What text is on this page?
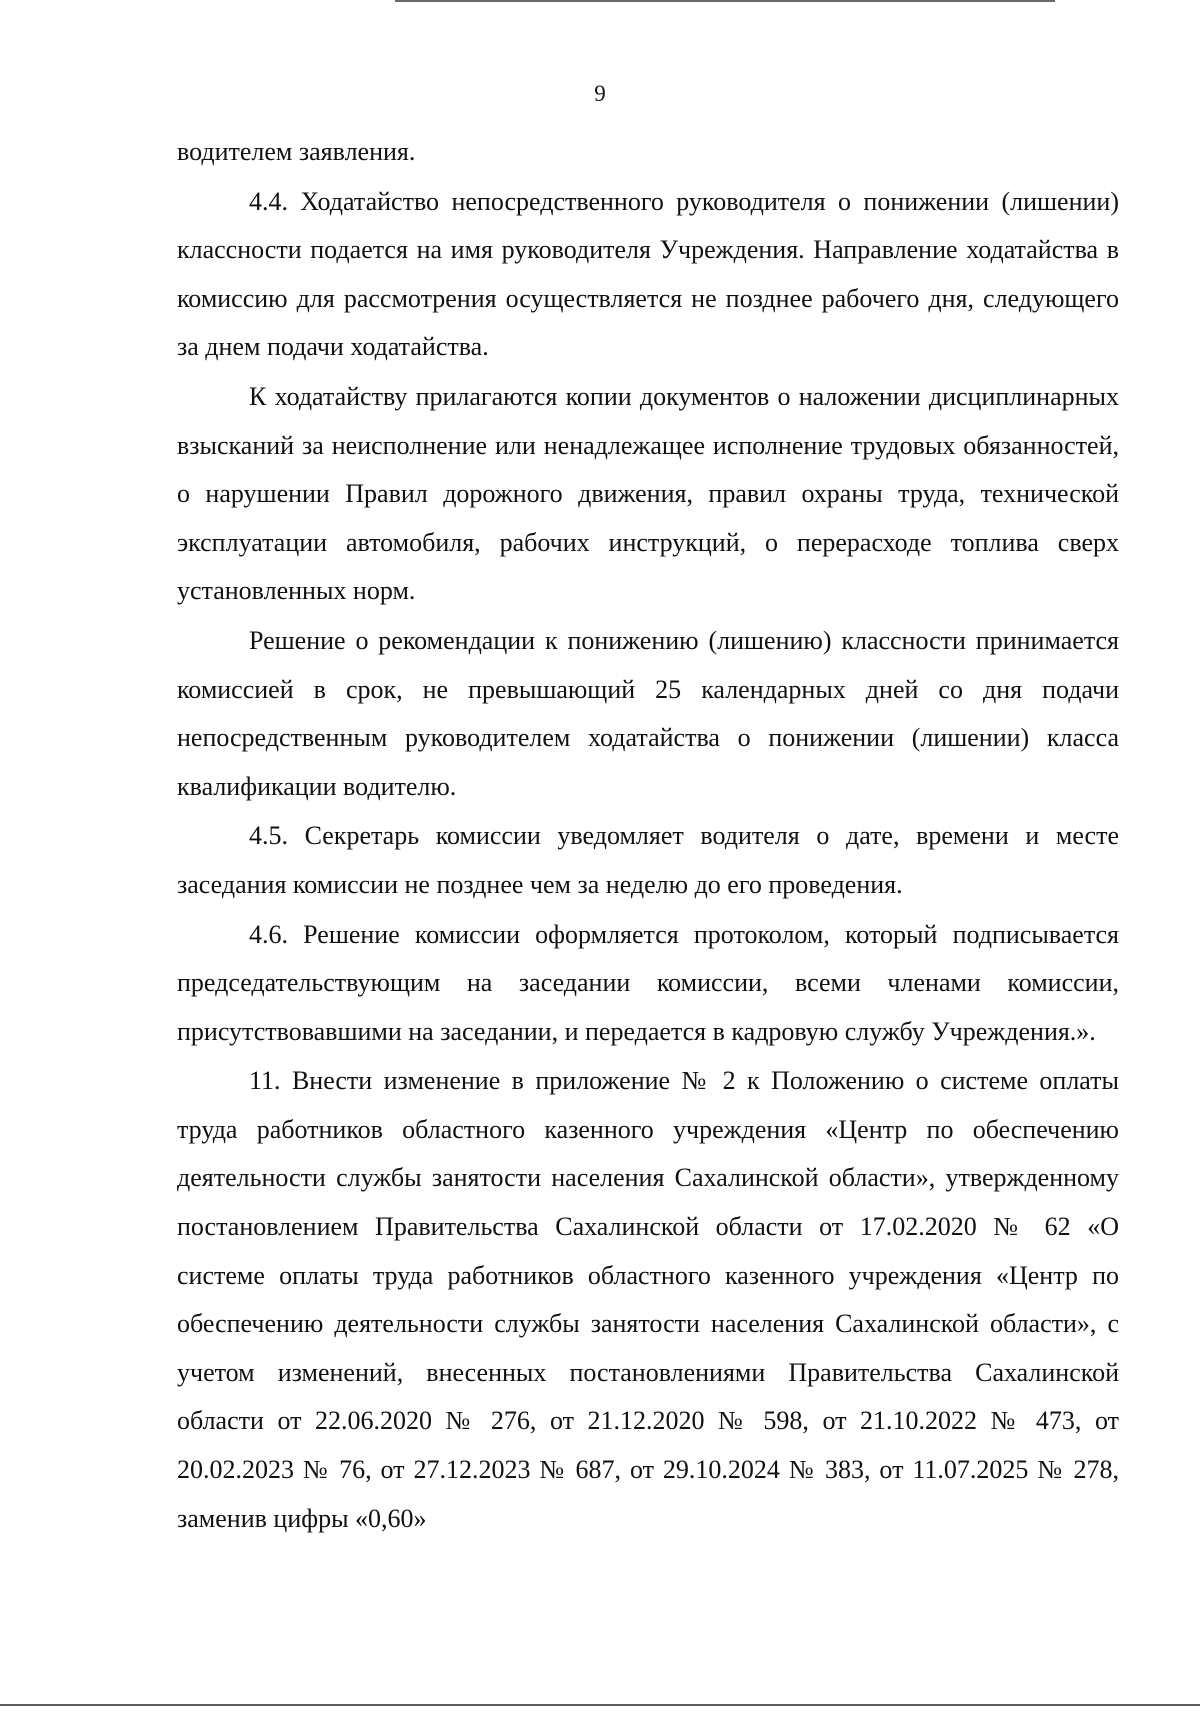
9

водителем заявления.

4.4. Ходатайство непосредственного руководителя о понижении (лишении) классности подается на имя руководителя Учреждения. Направление ходатайства в комиссию для рассмотрения осуществляется не позднее рабочего дня, следующего за днем подачи ходатайства.

К ходатайству прилагаются копии документов о наложении дисциплинарных взысканий за неисполнение или ненадлежащее исполнение трудовых обязанностей, о нарушении Правил дорожного движения, правил охраны труда, технической эксплуатации автомобиля, рабочих инструкций, о перерасходе топлива сверх установленных норм.

Решение о рекомендации к понижению (лишению) классности принимается комиссией в срок, не превышающий 25 календарных дней со дня подачи непосредственным руководителем ходатайства о понижении (лишении) класса квалификации водителю.

4.5. Секретарь комиссии уведомляет водителя о дате, времени и месте заседания комиссии не позднее чем за неделю до его проведения.

4.6. Решение комиссии оформляется протоколом, который подписывается председательствующим на заседании комиссии, всеми членами комиссии, присутствовавшими на заседании, и передается в кадровую службу Учреждения.».

11. Внести изменение в приложение № 2 к Положению о системе оплаты труда работников областного казенного учреждения «Центр по обеспечению деятельности службы занятости населения Сахалинской области», утвержденному постановлением Правительства Сахалинской области от 17.02.2020 № 62 «О системе оплаты труда работников областного казенного учреждения «Центр по обеспечению деятельности службы занятости населения Сахалинской области», с учетом изменений, внесенных постановлениями Правительства Сахалинской области от 22.06.2020 № 276, от 21.12.2020 № 598, от 21.10.2022 № 473, от 20.02.2023 № 76, от 27.12.2023 № 687, от 29.10.2024 № 383, от 11.07.2025 № 278, заменив цифры «0,60»
